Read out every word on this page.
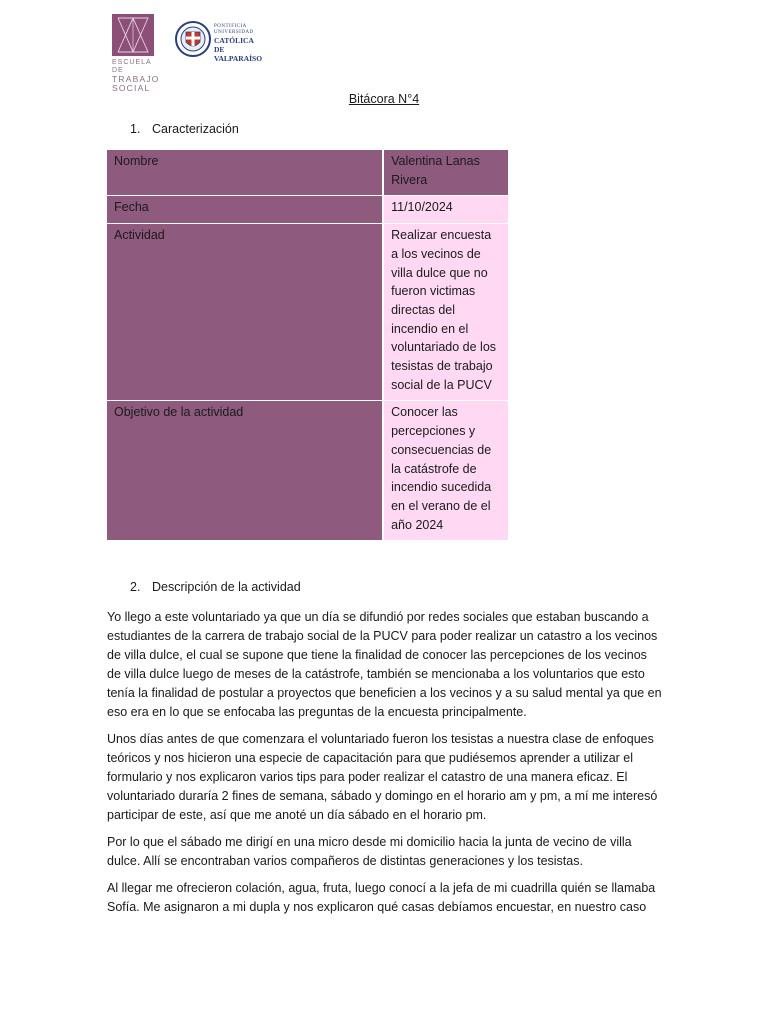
ESCUELA DE
TRABAJO
SOCIAL
PONTIFICIA
UNIVERSIDAD
CATÓLICA DE
VALPARAÍSO
Bitácora N°4
1. Caracterización
Nombre	Valentina Lanas Rivera
Fecha	11/10/2024
Actividad	Realizar encuesta a los vecinos de villa dulce que no fueron victimas directas del incendio en el voluntariado de los tesistas de trabajo social de la PUCV
Objetivo de la actividad	Conocer las percepciones y consecuencias de la catástrofe de incendio sucedida en el verano de el año 2024
2. Descripción de la actividad

Yo llego a este voluntariado ya que un día se difundió por redes sociales que estaban buscando a estudiantes de la carrera de trabajo social de la PUCV para poder realizar un catastro a los vecinos de villa dulce, el cual se supone que tiene la finalidad de conocer las percepciones de los vecinos de villa dulce luego de meses de la catástrofe, también se mencionaba a los voluntarios que esto tenía la finalidad de postular a proyectos que beneficien a los vecinos y a su salud mental ya que en eso era en lo que se enfocaba las preguntas de la encuesta principalmente.

Unos días antes de que comenzara el voluntariado fueron los tesistas a nuestra clase de enfoques teóricos y nos hicieron una especie de capacitación para que pudiésemos aprender a utilizar el formulario y nos explicaron varios tips para poder realizar el catastro de una manera eficaz. El voluntariado duraría 2 fines de semana, sábado y domingo en el horario am y pm, a mí me interesó participar de este, así que me anoté un día sábado en el horario pm.

Por lo que el sábado me dirigí en una micro desde mi domicilio hacia la junta de vecino de villa dulce. Allí se encontraban varios compañeros de distintas generaciones y los tesistas.

Al llegar me ofrecieron colación, agua, fruta, luego conocí a la jefa de mi cuadrilla quién se llamaba Sofía. Me asignaron a mi dupla y nos explicaron qué casas debíamos encuestar, en nuestro caso
